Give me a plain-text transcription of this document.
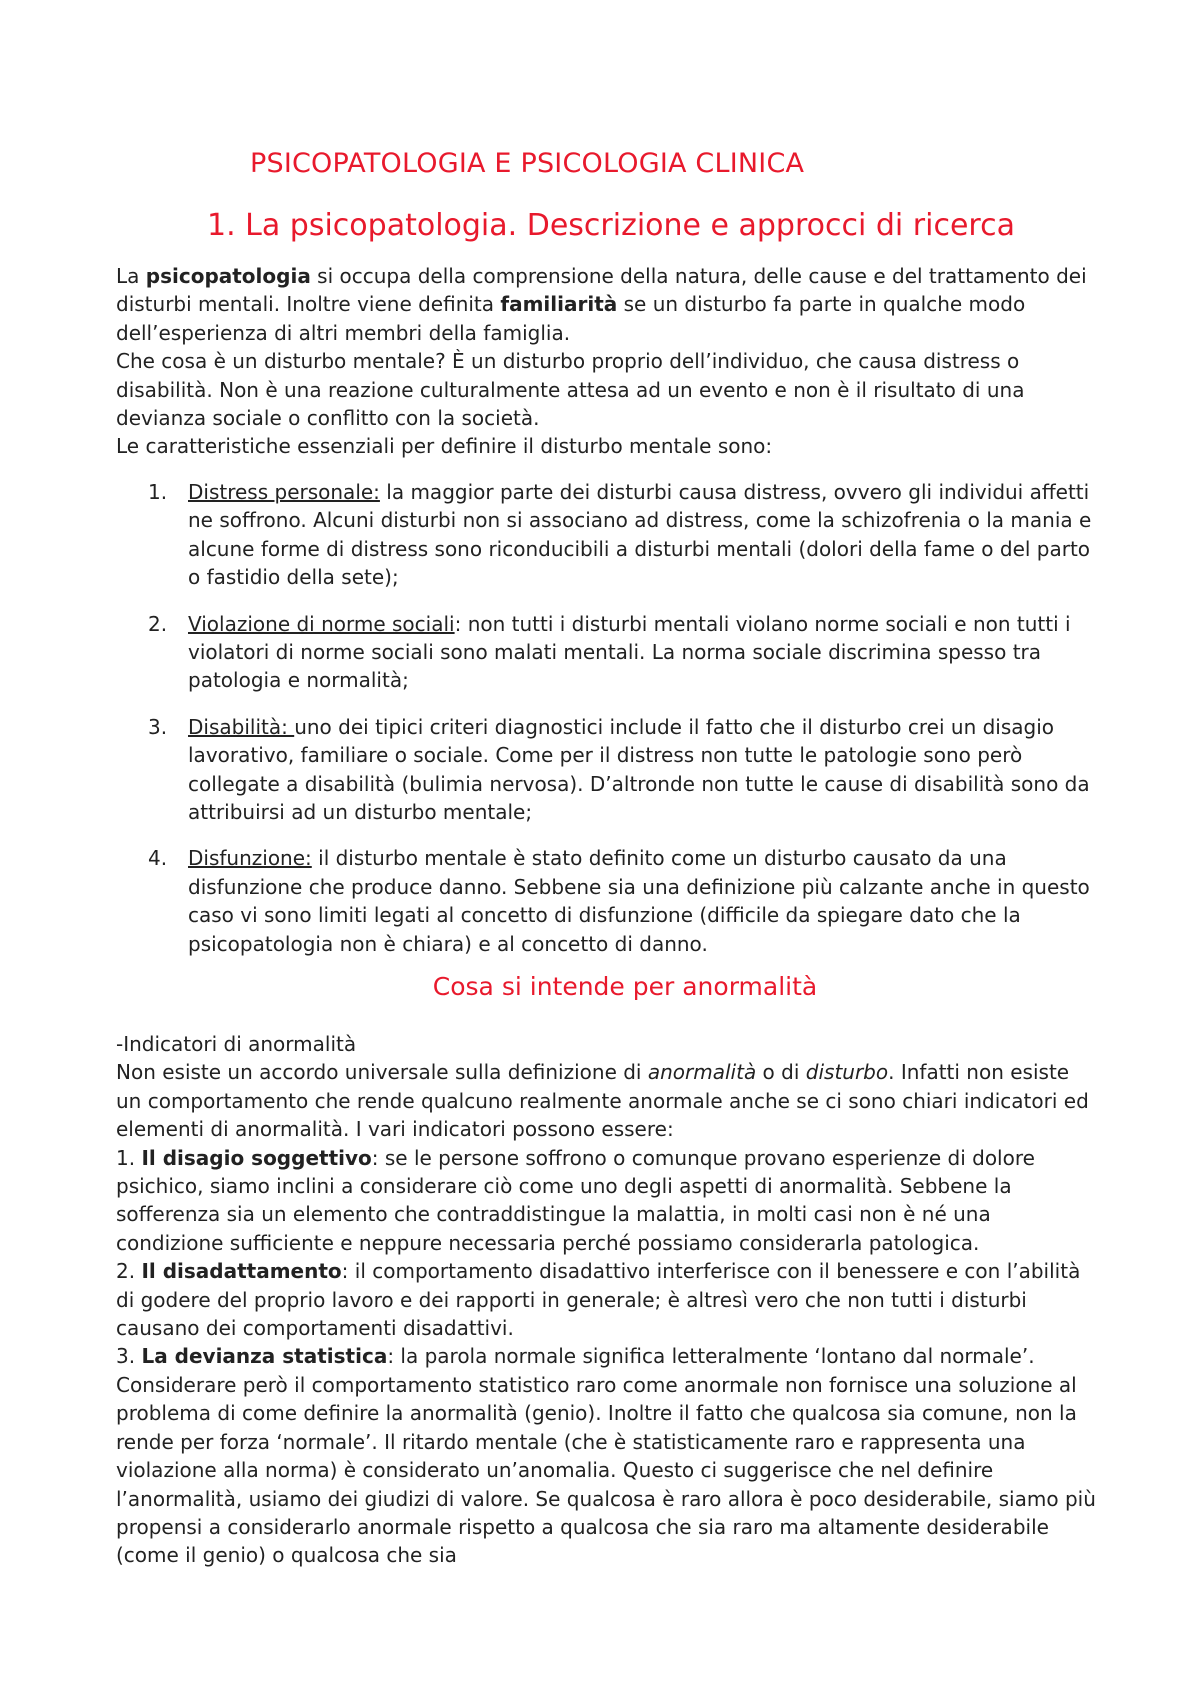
PSICOPATOLOGIA E PSICOLOGIA CLINICA
1. La psicopatologia. Descrizione e approcci di ricerca

La psicopatologia si occupa della comprensione della natura, delle cause e del trattamento dei disturbi mentali. Inoltre viene definita familiarità se un disturbo fa parte in qualche modo dell’esperienza di altri membri della famiglia.

Che cosa è un disturbo mentale? È un disturbo proprio dell’individuo, che causa distress o disabilità. Non è una reazione culturalmente attesa ad un evento e non è il risultato di una devianza sociale o conflitto con la società.

Le caratteristiche essenziali per definire il disturbo mentale sono:

1. Distress personale: la maggior parte dei disturbi causa distress, ovvero gli individui affetti ne soffrono. Alcuni disturbi non si associano ad distress, come la schizofrenia o la mania e alcune forme di distress sono riconducibili a disturbi mentali (dolori della fame o del parto o fastidio della sete);
2. Violazione di norme sociali: non tutti i disturbi mentali violano norme sociali e non tutti i violatori di norme sociali sono malati mentali. La norma sociale discrimina spesso tra patologia e normalità;
3. Disabilità: uno dei tipici criteri diagnostici include il fatto che il disturbo crei un disagio lavorativo, familiare o sociale. Come per il distress non tutte le patologie sono però collegate a disabilità (bulimia nervosa). D’altronde non tutte le cause di disabilità sono da attribuirsi ad un disturbo mentale;
4. Disfunzione: il disturbo mentale è stato definito come un disturbo causato da una disfunzione che produce danno. Sebbene sia una definizione più calzante anche in questo caso vi sono limiti legati al concetto di disfunzione (difficile da spiegare dato che la psicopatologia non è chiara) e al concetto di danno.
Cosa si intende per anormalità

-Indicatori di anormalità

Non esiste un accordo universale sulla definizione di anormalità o di disturbo. Infatti non esiste un comportamento che rende qualcuno realmente anormale anche se ci sono chiari indicatori ed elementi di anormalità. I vari indicatori possono essere:

1. Il disagio soggettivo: se le persone soffrono o comunque provano esperienze di dolore psichico, siamo inclini a considerare ciò come uno degli aspetti di anormalità. Sebbene la sofferenza sia un elemento che contraddistingue la malattia, in molti casi non è né una condizione sufficiente e neppure necessaria perché possiamo considerarla patologica.

2. Il disadattamento: il comportamento disadattivo interferisce con il benessere e con l’abilità di godere del proprio lavoro e dei rapporti in generale; è altresì vero che non tutti i disturbi causano dei comportamenti disadattivi.

3. La devianza statistica: la parola normale significa letteralmente ‘lontano dal normale’. Considerare però il comportamento statistico raro come anormale non fornisce una soluzione al problema di come definire la anormalità (genio). Inoltre il fatto che qualcosa sia comune, non la rende per forza ‘normale’. Il ritardo mentale (che è statisticamente raro e rappresenta una violazione alla norma) è considerato un’anomalia. Questo ci suggerisce che nel definire l’anormalità, usiamo dei giudizi di valore. Se qualcosa è raro allora è poco desiderabile, siamo più propensi a considerarlo anormale rispetto a qualcosa che sia raro ma altamente desiderabile (come il genio) o qualcosa che sia
